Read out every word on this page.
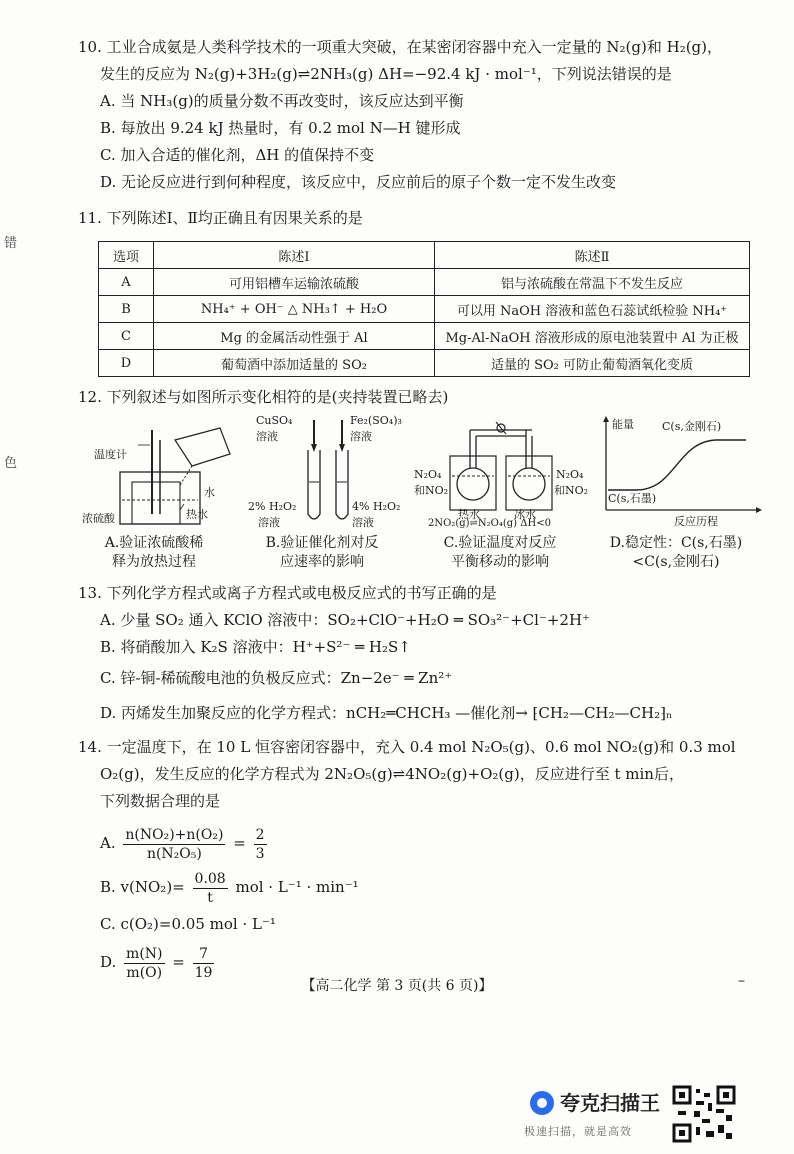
错
色
10. 工业合成氨是人类科学技术的一项重大突破，在某密闭容器中充入一定量的 N₂(g)和 H₂(g)，
发生的反应为 N₂(g)+3H₂(g)⇌2NH₃(g) ΔH=−92.4 kJ · mol⁻¹，下列说法错误的是
A. 当 NH₃(g)的质量分数不再改变时，该反应达到平衡
B. 每放出 9.24 kJ 热量时，有 0.2 mol N—H 键形成
C. 加入合适的催化剂，ΔH 的值保持不变
D. 无论反应进行到何种程度，该反应中，反应前后的原子个数一定不发生改变
11. 下列陈述Ⅰ、Ⅱ均正确且有因果关系的是
选项	陈述Ⅰ	陈述Ⅱ
A	可用铝槽车运输浓硫酸	铝与浓硫酸在常温下不发生反应
B	NH₄⁺ + OH⁻ △ NH₃↑ + H₂O	可以用 NaOH 溶液和蓝色石蕊试纸检验 NH₄⁺
C	Mg 的金属活动性强于 Al	Mg-Al-NaOH 溶液形成的原电池装置中 Al 为正极
D	葡萄酒中添加适量的 SO₂	适量的 SO₂ 可防止葡萄酒氧化变质
12. 下列叙述与如图所示变化相符的是(夹持装置已略去)
温度计
水
热水
浓硫酸
A.验证浓硫酸稀
释为放热过程
CuSO₄
溶液
Fe₂(SO₄)₃
溶液
2% H₂O₂
溶液
4% H₂O₂
溶液
B.验证催化剂对反
应速率的影响
N₂O₄
和NO₂
N₂O₄
和NO₂
热水	冰水
2NO₂(g)⇌N₂O₄(g) ΔH<0
C.验证温度对反应
平衡移动的影响
能量	C(s,金刚石)
C(s,石墨)
反应历程
D.稳定性：C(s,石墨)
<C(s,金刚石)
13. 下列化学方程式或离子方程式或电极反应式的书写正确的是
A. 少量 SO₂ 通入 KClO 溶液中：SO₂+ClO⁻+H₂O ═ SO₃²⁻+Cl⁻+2H⁺
B. 将硝酸加入 K₂S 溶液中：H⁺+S²⁻ ═ H₂S↑
C. 锌-铜-稀硫酸电池的负极反应式：Zn−2e⁻ ═ Zn²⁺
D. 丙烯发生加聚反应的化学方程式：nCH₂═CHCH₃ —催化剂→ ⁅CH₂—CH₂—CH₂⁆ₙ
14. 一定温度下，在 10 L 恒容密闭容器中，充入 0.4 mol N₂O₅(g)、0.6 mol NO₂(g)和 0.3 mol
O₂(g)，发生反应的化学方程式为 2N₂O₅(g)⇌4NO₂(g)+O₂(g)，反应进行至 t min后，
下列数据合理的是
A. $\frac{\text{n(NO₂)+n(O₂)}}{\text{n(N₂O₅)}} = \frac{2}{3}$
B. $v(NO_2)= \frac{0.08}{t}$ mol · L⁻¹ · min⁻¹
C. c(O₂)=0.05 mol · L⁻¹
D. $\frac{m(N)}{m(O)} = \frac{7}{19}$
【高二化学 第 3 页(共 6 页)】	–
夸克扫描王
极速扫描，就是高效
